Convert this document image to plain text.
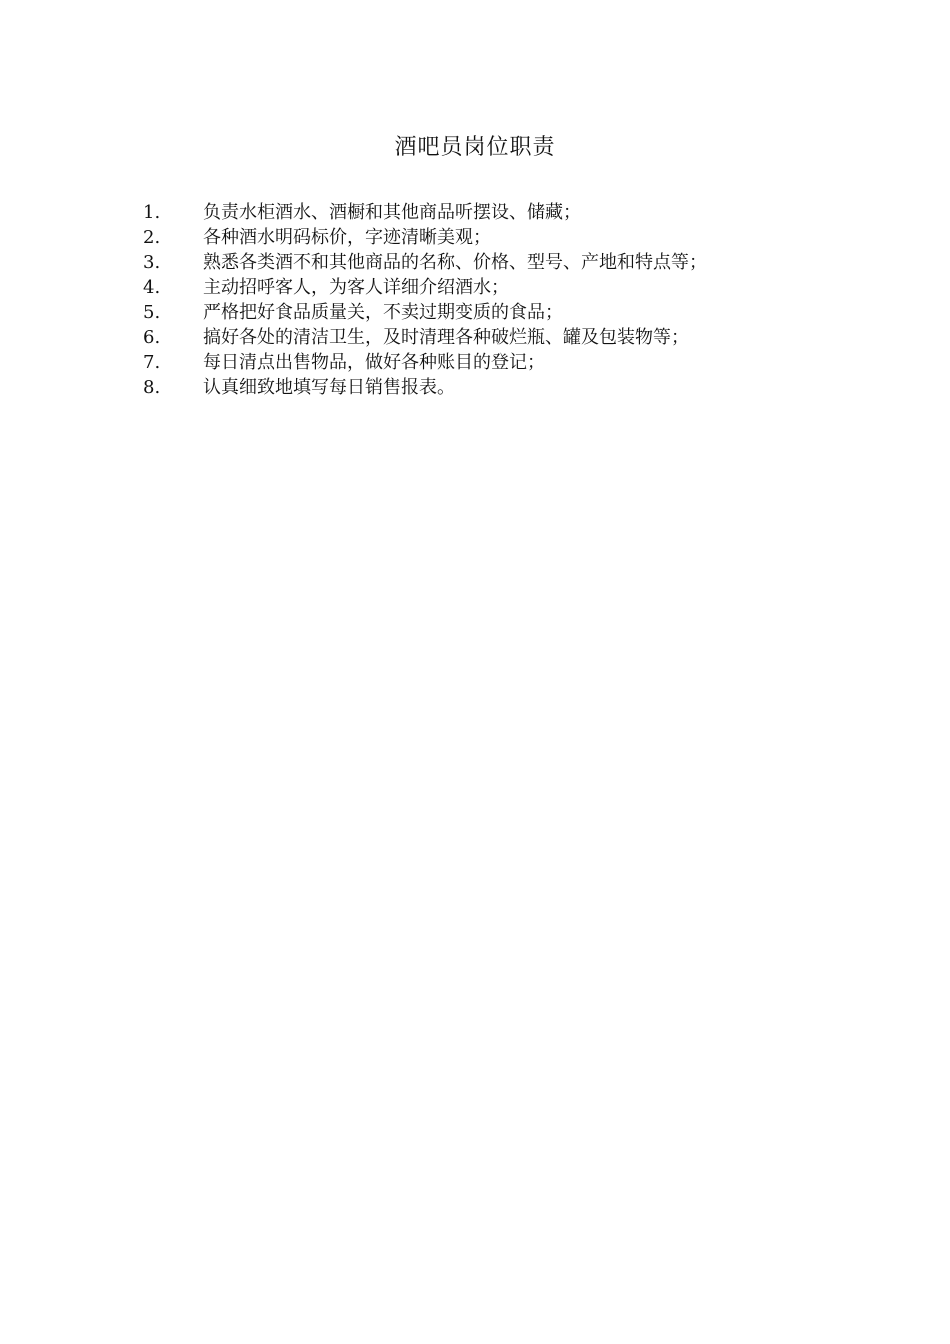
酒吧员岗位职责
1.	负责水柜酒水、酒橱和其他商品听摆设、储藏；
2.	各种酒水明码标价，字迹清晰美观；
3.	熟悉各类酒不和其他商品的名称、价格、型号、产地和特点等；
4.	主动招呼客人，为客人详细介绍酒水；
5.	严格把好食品质量关，不卖过期变质的食品；
6.	搞好各处的清洁卫生，及时清理各种破烂瓶、罐及包装物等；
7.	每日清点出售物品，做好各种账目的登记；
8.	认真细致地填写每日销售报表。
